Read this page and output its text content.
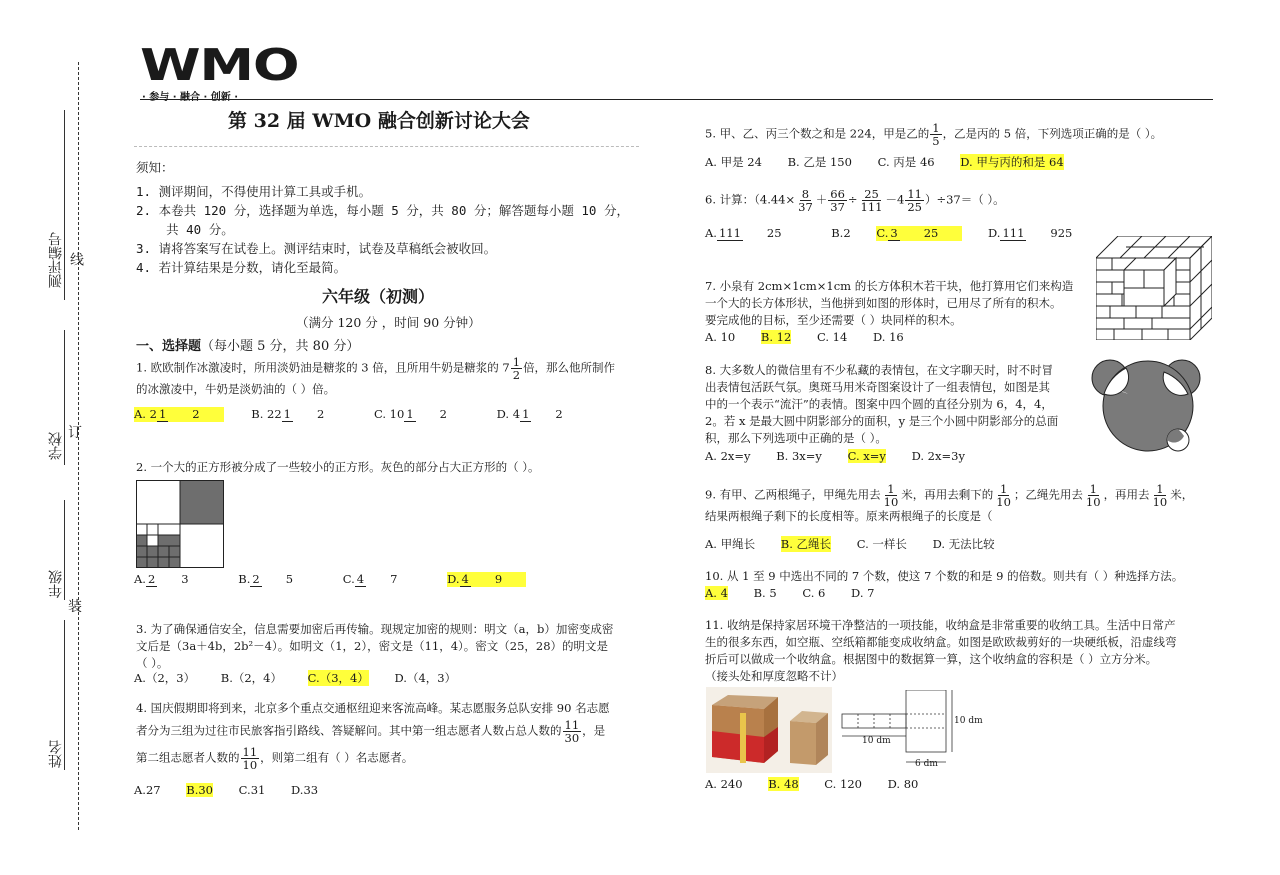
测评编号 线
学校 订
年级
装
姓名
WMO
· 参与 · 融合 · 创新 ·
第 32 届 WMO 融合创新讨论大会
须知：
1. 测评期间，不得使用计算工具或手机。
2. 本卷共 120 分，选择题为单选，每小题 5 分，共 80 分；解答题每小题 10 分，
共 40 分。
3. 请将答案写在试卷上。测评结束时，试卷及草稿纸会被收回。
4. 若计算结果是分数，请化至最简。
六年级（初测）
（满分 120 分 ，时间 90 分钟）
一、选择题（每小题 5 分，共 80 分）
1. 欧欧制作冰激凌时，所用淡奶油是糖浆的 3 倍，且所用牛奶是糖浆的 $7 \frac{1}{2}$ 倍，那么他所制作
的冰激凌中，牛奶是淡奶油的（ ）倍。
A. 2 1 2	B. 22 1 2	C. 10 1 2	D. 4 1 2
2. 一个大的正方形被分成了一些较小的正方形。灰色的部分占大正方形的（ ）。
A. 2 3	B. 2 5	C. 4 7	D. 4 9
3. 为了确保通信安全，信息需要加密后再传输。现规定加密的规则：明文（a，b）加密变成密
文后是（3a＋4b，2b²－4）。如明文（1，2），密文是（11，4）。密文（25，28）的明文是
（ ）。
A.（2，3） B.（2，4） C.（3，4） D.（4，3）
4. 国庆假期即将到来，北京多个重点交通枢纽迎来客流高峰。某志愿服务总队安排 90 名志愿
者分为三组为过往市民旅客指引路线、答疑解问。其中第一组志愿者人数占总人数的 $\frac{11}{30}$ ，是
第二组志愿者人数的 $\frac{11}{10}$ ，则第二组有（ ）名志愿者。
A.27 B.30 C.31 D.33
5. 甲、乙、丙三个数之和是 224，甲是乙的 $\frac{1}{5}$ ，乙是丙的 5 倍，下列选项正确的是（ ）。
A. 甲是 24 B. 乙是 150 C. 丙是 46 D. 甲与丙的和是 64
6. 计算：$(4.44\times \frac{8}{37} + \frac{66}{37} \div \frac{25}{111} -4 \frac{11}{25} )\div 37=$（ ）。
A. 111 25	B.2 C. 3 25	D. 111 925
7. 小泉有 2cm×1cm×1cm 的长方体积木若干块，他打算用它们来构造
一个大的长方体形状，当他拼到如图的形体时，已用尽了所有的积木。
要完成他的目标，至少还需要（ ）块同样的积木。
A. 10 B. 12 C. 14 D. 16
8. 大多数人的微信里有不少私藏的表情包，在文字聊天时，时不时冒
出表情包活跃气氛。奥斑马用米奇图案设计了一组表情包，如图是其
中的一个表示“流汗”的表情。图案中四个圆的直径分别为 6，4，4，
2。若 x 是最大圆中阴影部分的面积，y 是三个小圆中阴影部分的总面
积，那么下列选项中正确的是（ ）。
A. 2x=y B. 3x=y C. x=y D. 2x=3y
9. 有甲、乙两根绳子，甲绳先用去 $\frac{1}{10}$ 米，再用去剩下的 $\frac{1}{10}$ ；乙绳先用去 $\frac{1}{10}$ ，再用去 $\frac{1}{10}$ 米，
结果两根绳子剩下的长度相等。原来两根绳子的长度是（
A. 甲绳长 B. 乙绳长 C. 一样长 D. 无法比较
10. 从 1 至 9 中选出不同的 7 个数，使这 7 个数的和是 9 的倍数。则共有（ ）种选择方法。
A. 4 B. 5 C. 6 D. 7
11. 收纳是保持家居环境干净整洁的一项技能，收纳盒是非常重要的收纳工具。生活中日常产
生的很多东西，如空瓶、空纸箱都能变成收纳盒。如图是欧欧裁剪好的一块硬纸板，沿虚线弯
折后可以做成一个收纳盒。根据图中的数据算一算，这个收纳盒的容积是（ ）立方分米。
（接头处和厚度忽略不计）
10 dm
10 dm
6 dm
A. 240 B. 48 C. 120 D. 80
